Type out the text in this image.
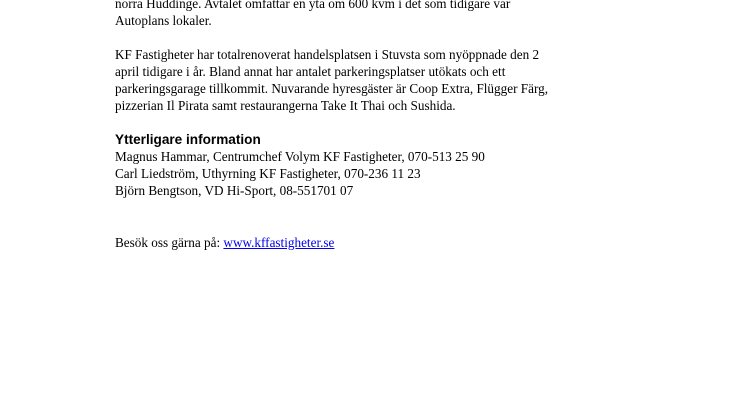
norra Huddinge. Avtalet omfattar en yta om 600 kvm i det som tidigare var
Autoplans lokaler.

KF Fastigheter har totalrenoverat handelsplatsen i Stuvsta som nyöppnade den 2
april tidigare i år. Bland annat har antalet parkeringsplatser utökats och ett
parkeringsgarage tillkommit. Nuvarande hyresgäster är Coop Extra, Flügger Färg,
pizzerian Il Pirata samt restaurangerna Take It Thai och Sushida.

Ytterligare information

Magnus Hammar, Centrumchef Volym KF Fastigheter, 070-513 25 90
Carl Liedström, Uthyrning KF Fastigheter, 070-236 11 23
Björn Bengtson, VD Hi-Sport, 08-551701 07

Besök oss gärna på: www.kffastigheter.se
